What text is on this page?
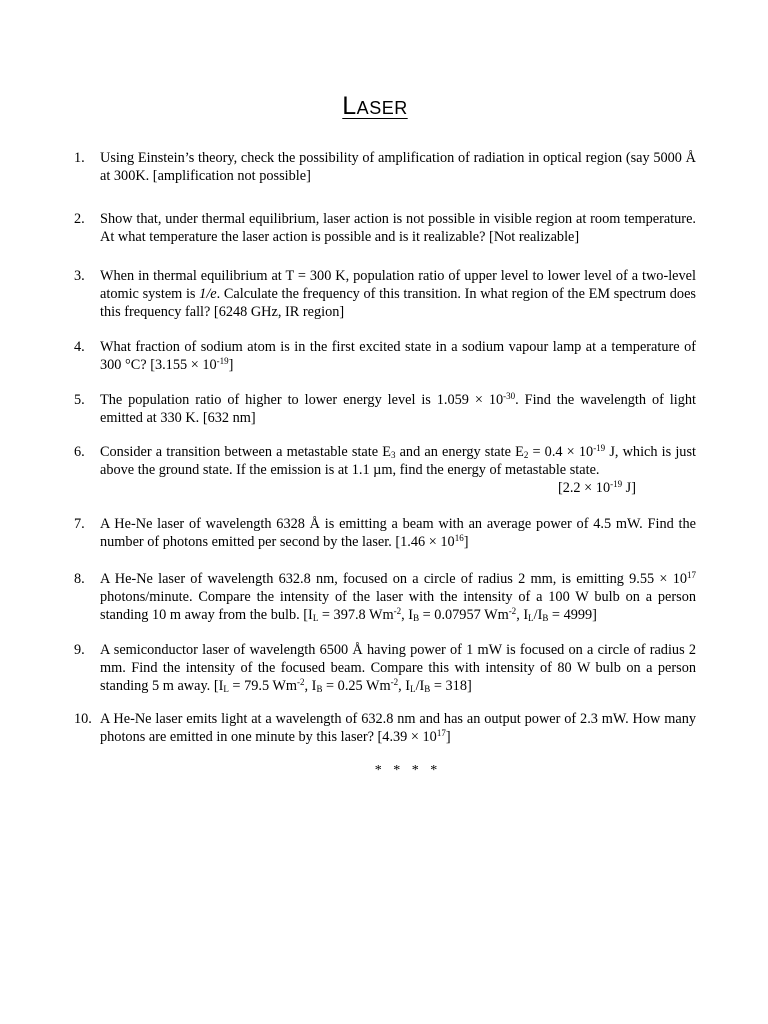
Laser
1.	Using Einstein’s theory, check the possibility of amplification of radiation in optical region (say 5000 Å at 300K. [amplification not possible]
2.	Show that, under thermal equilibrium, laser action is not possible in visible region at room temperature. At what temperature the laser action is possible and is it realizable? [Not realizable]
3.	When in thermal equilibrium at T = 300 K, population ratio of upper level to lower level of a two-level atomic system is 1/e. Calculate the frequency of this transition. In what region of the EM spectrum does this frequency fall? [6248 GHz, IR region]
4.	What fraction of sodium atom is in the first excited state in a sodium vapour lamp at a temperature of 300 °C? $[3.155 \times 10^{-19}]$
5.	The population ratio of higher to lower energy level is $1.059 \times 10^{-30}$. Find the wavelength of light emitted at 330 K. [632 nm]
6.	Consider a transition between a metastable state $E_3$ and an energy state $E_2 = 0.4 \times 10^{-19}$ J, which is just above the ground state. If the emission is at 1.1 µm, find the energy of metastable state.
[$2.2 \times 10^{-19}$ J]
7.	A He-Ne laser of wavelength 6328 Å is emitting a beam with an average power of 4.5 mW. Find the number of photons emitted per second by the laser. $[1.46 \times 10^{16}]$
8.	A He-Ne laser of wavelength 632.8 nm, focused on a circle of radius 2 mm, is emitting $9.55 \times 10^{17}$ photons/minute. Compare the intensity of the laser with the intensity of a 100 W bulb on a person standing 10 m away from the bulb. [$I_L = 397.8$ $Wm^{-2}$, $I_B = 0.07957$ $Wm^{-2}$, $I_L/I_B = 4999$]
9.	A semiconductor laser of wavelength 6500 Å having power of 1 mW is focused on a circle of radius 2 mm. Find the intensity of the focused beam. Compare this with intensity of 80 W bulb on a person standing 5 m away. [$I_L = 79.5$ $Wm^{-2}$, $I_B = 0.25$ $Wm^{-2}$, $I_L/I_B = 318$]
10. A He-Ne laser emits light at a wavelength of 632.8 nm and has an output power of 2.3 mW. How many photons are emitted in one minute by this laser? $[4.39 \times 10^{17}]$
* * * *
